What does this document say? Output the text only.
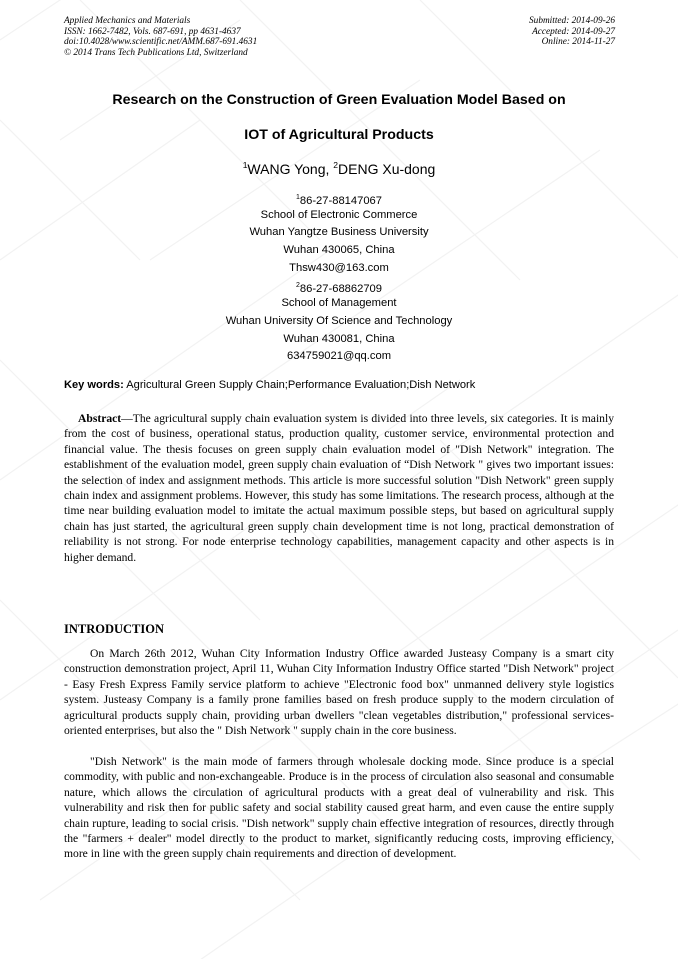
Applied Mechanics and Materials
ISSN: 1662-7482, Vols. 687-691, pp 4631-4637
doi:10.4028/www.scientific.net/AMM.687-691.4631
© 2014 Trans Tech Publications Ltd, Switzerland
Submitted: 2014-09-26
Accepted: 2014-09-27
Online: 2014-11-27
Research on the Construction of Green Evaluation Model Based on
IOT of Agricultural Products
$^1$WANG Yong, $^2$DENG Xu-dong
$^1$86-27-88147067
School of Electronic Commerce
Wuhan Yangtze Business University
Wuhan 430065, China
Thsw430@163.com
$^2$86-27-68862709
School of Management
Wuhan University Of Science and Technology
Wuhan 430081, China
634759021@qq.com
Key words: Agricultural Green Supply Chain;Performance Evaluation;Dish Network
Abstract—The agricultural supply chain evaluation system is divided into three levels, six categories. It is mainly from the cost of business, operational status, production quality, customer service, environmental protection and financial value. The thesis focuses on green supply chain evaluation model of "Dish Network" integration. The establishment of the evaluation model, green supply chain evaluation of “Dish Network " gives two important issues: the selection of index and assignment methods. This article is more successful solution "Dish Network" green supply chain index and assignment problems. However, this study has some limitations. The research process, although at the time near building evaluation model to imitate the actual maximum possible steps, but based on agricultural supply chain has just started, the agricultural green supply chain development time is not long, practical demonstration of reliability is not strong. For node enterprise technology capabilities, management capacity and other aspects is in higher demand.
INTRODUCTION
On March 26th 2012, Wuhan City Information Industry Office awarded Justeasy Company is a smart city construction demonstration project, April 11, Wuhan City Information Industry Office started "Dish Network" project - Easy Fresh Express Family service platform to achieve "Electronic food box" unmanned delivery style logistics system. Justeasy Company is a family prone families based on fresh produce supply to the modern circulation of agricultural products supply chain, providing urban dwellers "clean vegetables distribution," professional services-oriented enterprises, but also the " Dish Network " supply chain in the core business.
"Dish Network" is the main mode of farmers through wholesale docking mode. Since produce is a special commodity, with public and non-exchangeable. Produce is in the process of circulation also seasonal and consumable nature, which allows the circulation of agricultural products with a great deal of vulnerability and risk. This vulnerability and risk then for public safety and social stability caused great harm, and even cause the entire supply chain rupture, leading to social crisis. "Dish network" supply chain effective integration of resources, directly through the "farmers + dealer" model directly to the product to market, significantly reducing costs, improving efficiency, more in line with the green supply chain requirements and direction of development.
